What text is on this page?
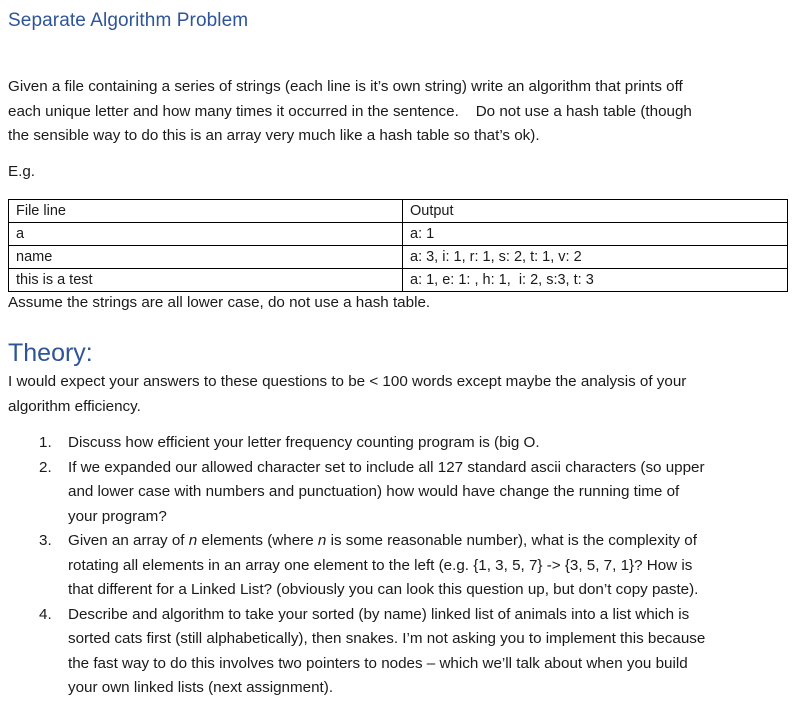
Separate Algorithm Problem
Given a file containing a series of strings (each line is it’s own string) write an algorithm that prints off
each unique letter and how many times it occurred in the sentence.    Do not use a hash table (though
the sensible way to do this is an array very much like a hash table so that’s ok).
E.g.
File line	Output
a	a: 1
name	a: 3, i: 1, r: 1, s: 2, t: 1, v: 2
this is a test	a: 1, e: 1: , h: 1,  i: 2, s:3, t: 3
Assume the strings are all lower case, do not use a hash table.
Theory:
I would expect your answers to these questions to be < 100 words except maybe the analysis of your
algorithm efficiency.
1. Discuss how efficient your letter frequency counting program is (big O.
2. If we expanded our allowed character set to include all 127 standard ascii characters (so upper
and lower case with numbers and punctuation) how would have change the running time of
your program?
3. Given an array of n elements (where n is some reasonable number), what is the complexity of
rotating all elements in an array one element to the left (e.g. {1, 3, 5, 7} -> {3, 5, 7, 1}? How is
that different for a Linked List? (obviously you can look this question up, but don’t copy paste).
4. Describe and algorithm to take your sorted (by name) linked list of animals into a list which is
sorted cats first (still alphabetically), then snakes. I’m not asking you to implement this because
the fast way to do this involves two pointers to nodes – which we’ll talk about when you build
your own linked lists (next assignment).
